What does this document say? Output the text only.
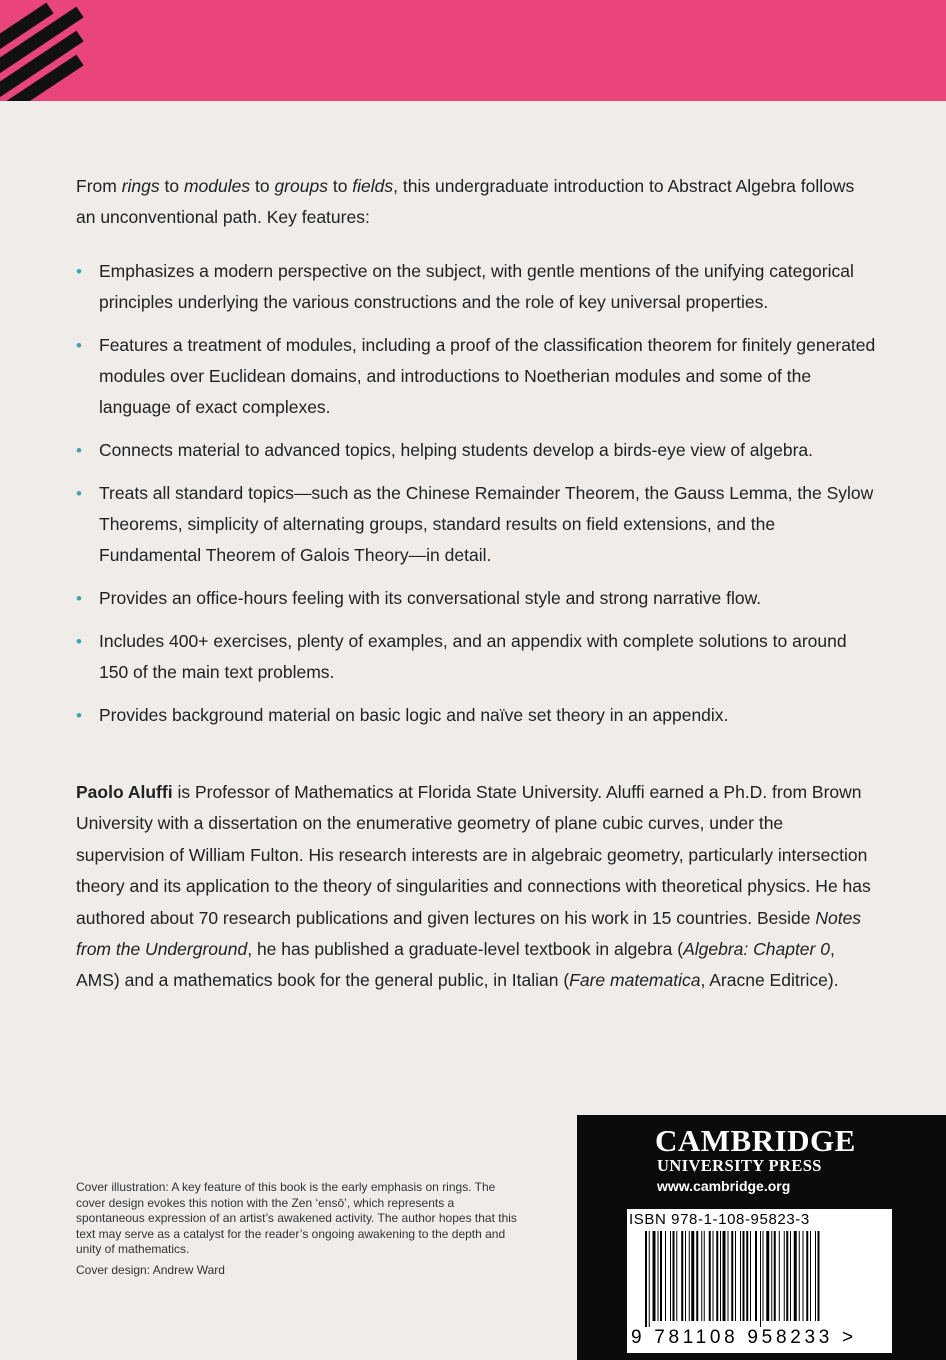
From rings to modules to groups to fields, this undergraduate introduction to Abstract Algebra follows an unconventional path. Key features:

• Emphasizes a modern perspective on the subject, with gentle mentions of the unifying categorical principles underlying the various constructions and the role of key universal properties.
• Features a treatment of modules, including a proof of the classification theorem for finitely generated modules over Euclidean domains, and introductions to Noetherian modules and some of the language of exact complexes.
• Connects material to advanced topics, helping students develop a birds-eye view of algebra.
• Treats all standard topics—such as the Chinese Remainder Theorem, the Gauss Lemma, the Sylow Theorems, simplicity of alternating groups, standard results on field extensions, and the Fundamental Theorem of Galois Theory—in detail.
• Provides an office-hours feeling with its conversational style and strong narrative flow.
• Includes 400+ exercises, plenty of examples, and an appendix with complete solutions to around 150 of the main text problems.
• Provides background material on basic logic and naïve set theory in an appendix.

Paolo Aluffi is Professor of Mathematics at Florida State University. Aluffi earned a Ph.D. from Brown University with a dissertation on the enumerative geometry of plane cubic curves, under the supervision of William Fulton. His research interests are in algebraic geometry, particularly intersection theory and its application to the theory of singularities and connections with theoretical physics. He has authored about 70 research publications and given lectures on his work in 15 countries. Beside Notes from the Underground, he has published a graduate-level textbook in algebra (Algebra: Chapter 0, AMS) and a mathematics book for the general public, in Italian (Fare matematica, Aracne Editrice).

Cover illustration: A key feature of this book is the early emphasis on rings. The cover design evokes this notion with the Zen ‘ensō’, which represents a spontaneous expression of an artist’s awakened activity. The author hopes that this text may serve as a catalyst for the reader’s ongoing awakening to the depth and unity of mathematics.

Cover design: Andrew Ward

CAMBRIDGE
UNIVERSITY PRESS
www.cambridge.org
ISBN 978-1-108-95823-3
9 781108 958233 >
